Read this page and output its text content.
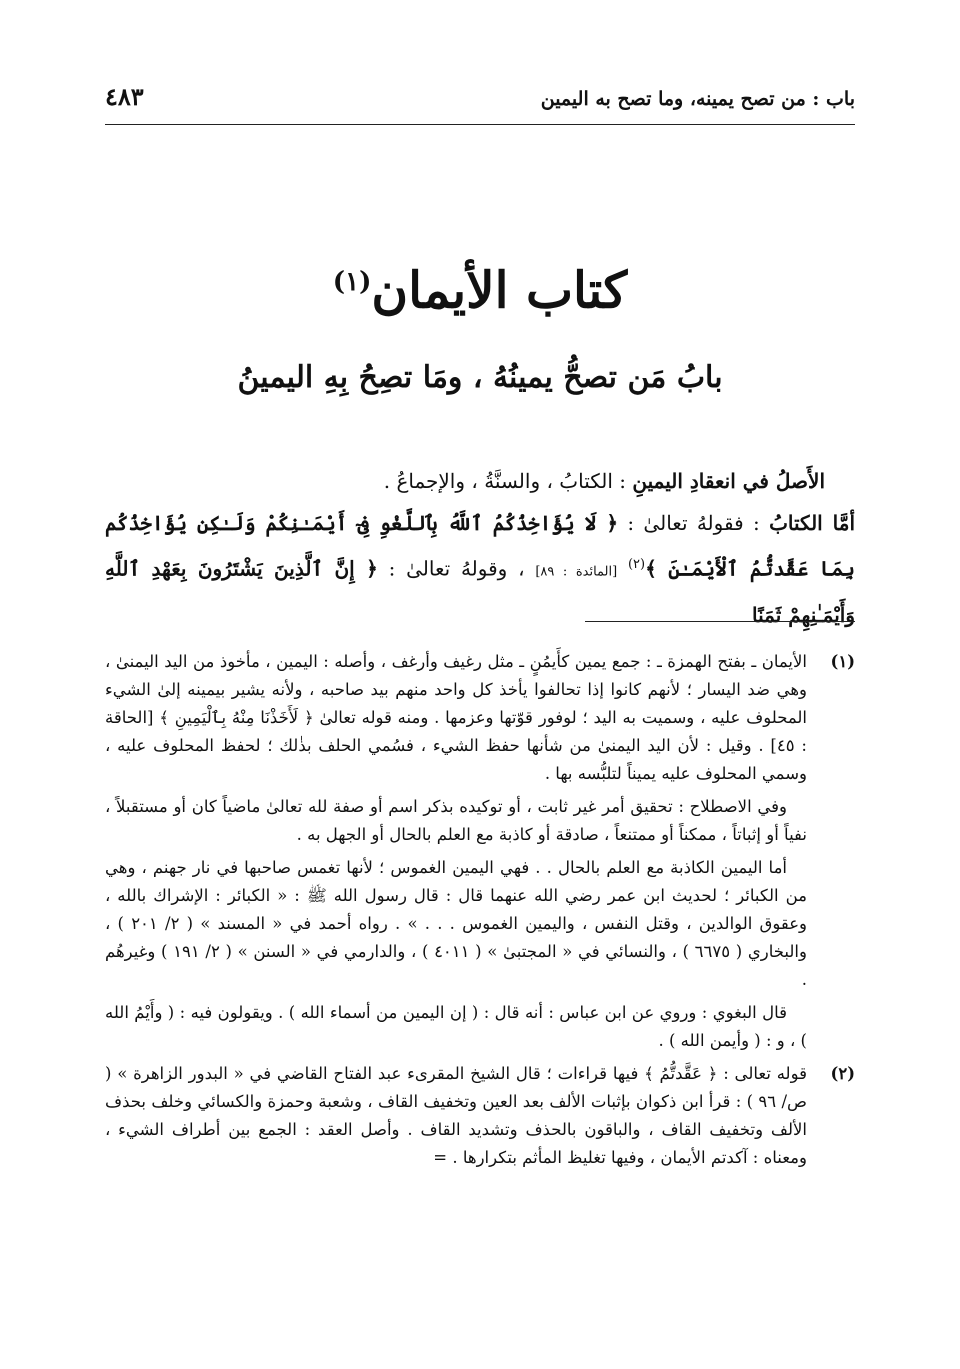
باب : من تصح يمينه، وما تصح به اليمين
٤٨٣
كتاب الأيمان$^{(١)}$
بابُ مَن تصحُّ يمينُهُ ، ومَا تصِحُ بِهِ اليمينُ

الأَصلُ في انعقادِ اليمينِ : الكتابُ ، والسنَّةُ ، والإجماعُ .

أمَّا الكتابُ : فقولهُ تعالىٰ : ﴿ لَا يُؤَاخِذُكُمُ ٱللَّهُ بِٱللَّغْوِ فِىٓ أَيْمَـٰنِكُمْ وَلَـٰكِن يُؤَاخِذُكُم بِمَا عَقَّدتُّمُ ٱلْأَيْمَـٰنَ ﴾$^{(٢)}$ [المائدة : ٨٩] ، وقولهُ تعالىٰ : ﴿ إِنَّ ٱلَّذِينَ يَشْتَرُونَ بِعَهْدِ ٱللَّهِ وَأَيْمَـٰنِهِمْ ثَمَنًا

(١)

الأيمان ـ بفتح الهمزة ـ : جمع يمين كأَيمُنٍ ـ مثل رغيف وأرغف ، وأصله : اليمين ، مأخوذ من اليد اليمنىٰ ، وهي ضد اليسار ؛ لأنهم كانوا إذا تحالفوا يأخذ كل واحد منهم بيد صاحبه ، ولأنه يشير بيمينه إلىٰ الشيء المحلوف عليه ، وسميت به اليد ؛ لوفور قوّتها وعزمها . ومنه قوله تعالىٰ ﴿ لَأَخَذْنَا مِنْهُ بِٱلْيَمِينِ ﴾ [الحاقة : ٤٥] . وقيل : لأن اليد اليمنىٰ من شأنها حفظ الشيء ، فسُمي الحلف بذٰلك ؛ لحفظ المحلوف عليه ، وسمي المحلوف عليه يميناً لتلبُّسه بها .

وفي الاصطلاح : تحقيق أمر غير ثابت ، أو توكيده بذكر اسم أو صفة لله تعالىٰ ماضياً كان أو مستقبلاً ، نفياً أو إثباتاً ، ممكناً أو ممتنعاً ، صادقة أو كاذبة مع العلم بالحال أو الجهل به .

أما اليمين الكاذبة مع العلم بالحال . . فهي اليمين الغموس ؛ لأنها تغمس صاحبها في نار جهنم ، وهي من الكبائر ؛ لحديث ابن عمر رضي الله عنهما قال : قال رسول الله ﷺ : « الكبائر : الإشراك بالله ، وعقوق الوالدين ، وقتل النفس ، واليمين الغموس . . . » . رواه أحمد في « المسند » ( ٢/ ٢٠١ ) ، والبخاري ( ٦٦٧٥ ) ، والنسائي في « المجتبىٰ » ( ٤٠١١ ) ، والدارمي في « السنن » ( ٢/ ١٩١ ) وغيرهُم .

قال البغوي : وروي عن ابن عباس : أنه قال : ( إن اليمين من أسماء الله ) . ويقولون فيه : ( وأَيْمُ الله ) ، و : ( وأيمن الله ) .

(٢)

قوله تعالى : ﴿ عَقَّدتُّمُ ﴾ فيها قراءات ؛ قال الشيخ المقرىء عبد الفتاح القاضي في « البدور الزاهرة » ( ص/ ٩٦ ) : قرأ ابن ذكوان بإثبات الألف بعد العين وتخفيف القاف ، وشعبة وحمزة والكسائي وخلف بحذف الألف وتخفيف القاف ، والباقون بالحذف وتشديد القاف . وأصل العقد : الجمع بين أطراف الشيء ، ومعناه : آكدتم الأيمان ، وفيها تغليظ المأثم بتكرارها . =
